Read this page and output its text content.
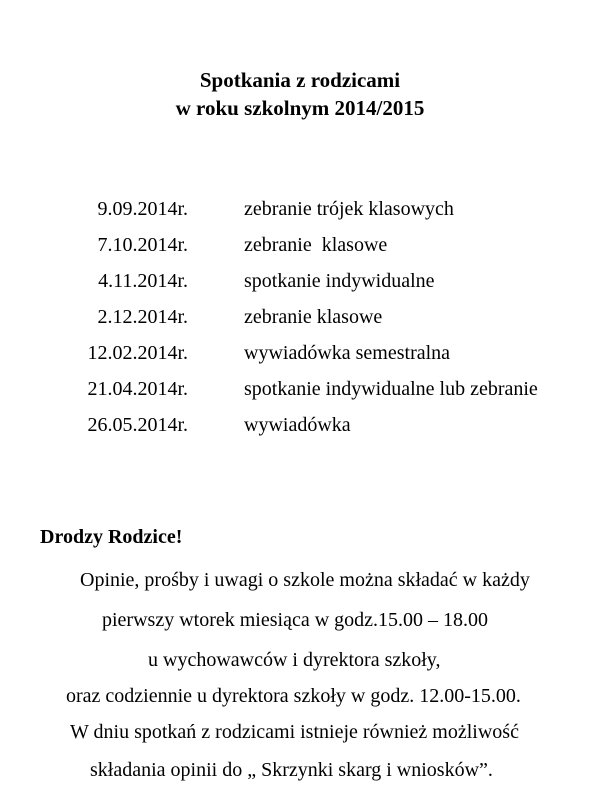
Spotkania z rodzicami
w roku szkolnym 2014/2015
9.09.2014r.	zebranie trójek klasowych
7.10.2014r.	zebranie  klasowe
4.11.2014r.	spotkanie indywidualne
2.12.2014r.	zebranie klasowe
12.02.2014r.	wywiadówka semestralna
21.04.2014r.	spotkanie indywidualne lub zebranie
26.05.2014r.	wywiadówka

Drodzy Rodzice!

Opinie, prośby i uwagi o szkole można składać w każdy
pierwszy wtorek miesiąca w godz.15.00 – 18.00
u wychowawców i dyrektora szkoły,
oraz codziennie u dyrektora szkoły w godz. 12.00-15.00.
W dniu spotkań z rodzicami istnieje również możliwość
składania opinii do „ Skrzynki skarg i wniosków”.
